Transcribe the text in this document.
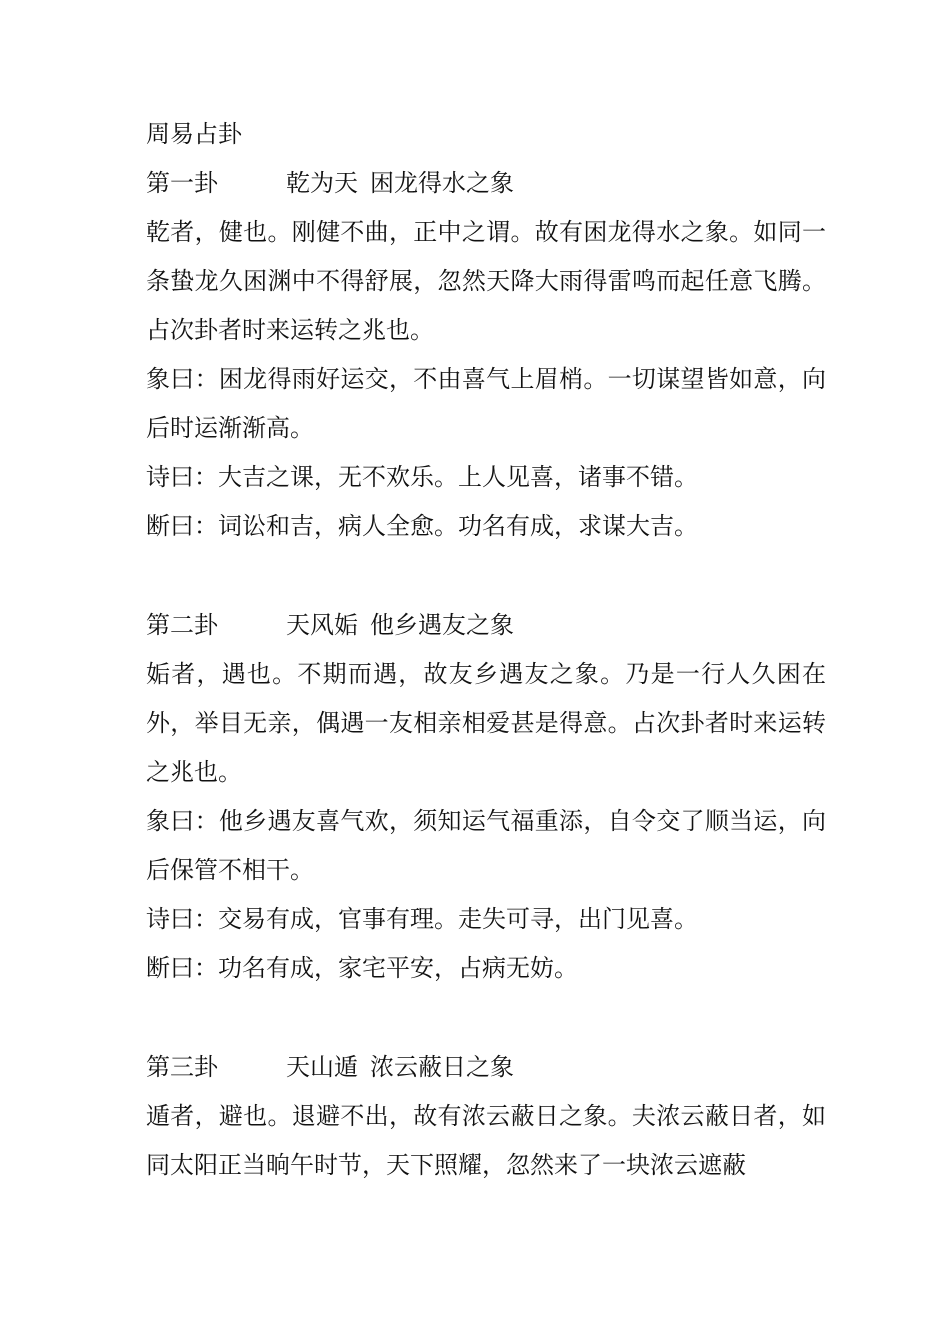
周易占卦
第一卦	乾为天 困龙得水之象
乾者，健也。刚健不曲，正中之谓。故有困龙得水之象。如同一条蛰龙久困渊中不得舒展，忽然天降大雨得雷鸣而起任意飞腾。占次卦者时来运转之兆也。
象曰：困龙得雨好运交，不由喜气上眉梢。一切谋望皆如意，向后时运渐渐高。
诗曰：大吉之课，无不欢乐。上人见喜，诸事不错。
断曰：词讼和吉，病人全愈。功名有成，求谋大吉。
第二卦	天风姤 他乡遇友之象
姤者，遇也。不期而遇，故友乡遇友之象。乃是一行人久困在外，举目无亲，偶遇一友相亲相爱甚是得意。占次卦者时来运转之兆也。
象曰：他乡遇友喜气欢，须知运气福重添，自令交了顺当运，向后保管不相干。
诗曰：交易有成，官事有理。走失可寻，出门见喜。
断曰：功名有成，家宅平安，占病无妨。
第三卦	天山遁 浓云蔽日之象
遁者，避也。退避不出，故有浓云蔽日之象。夫浓云蔽日者，如同太阳正当晌午时节，天下照耀，忽然来了一块浓云遮蔽
